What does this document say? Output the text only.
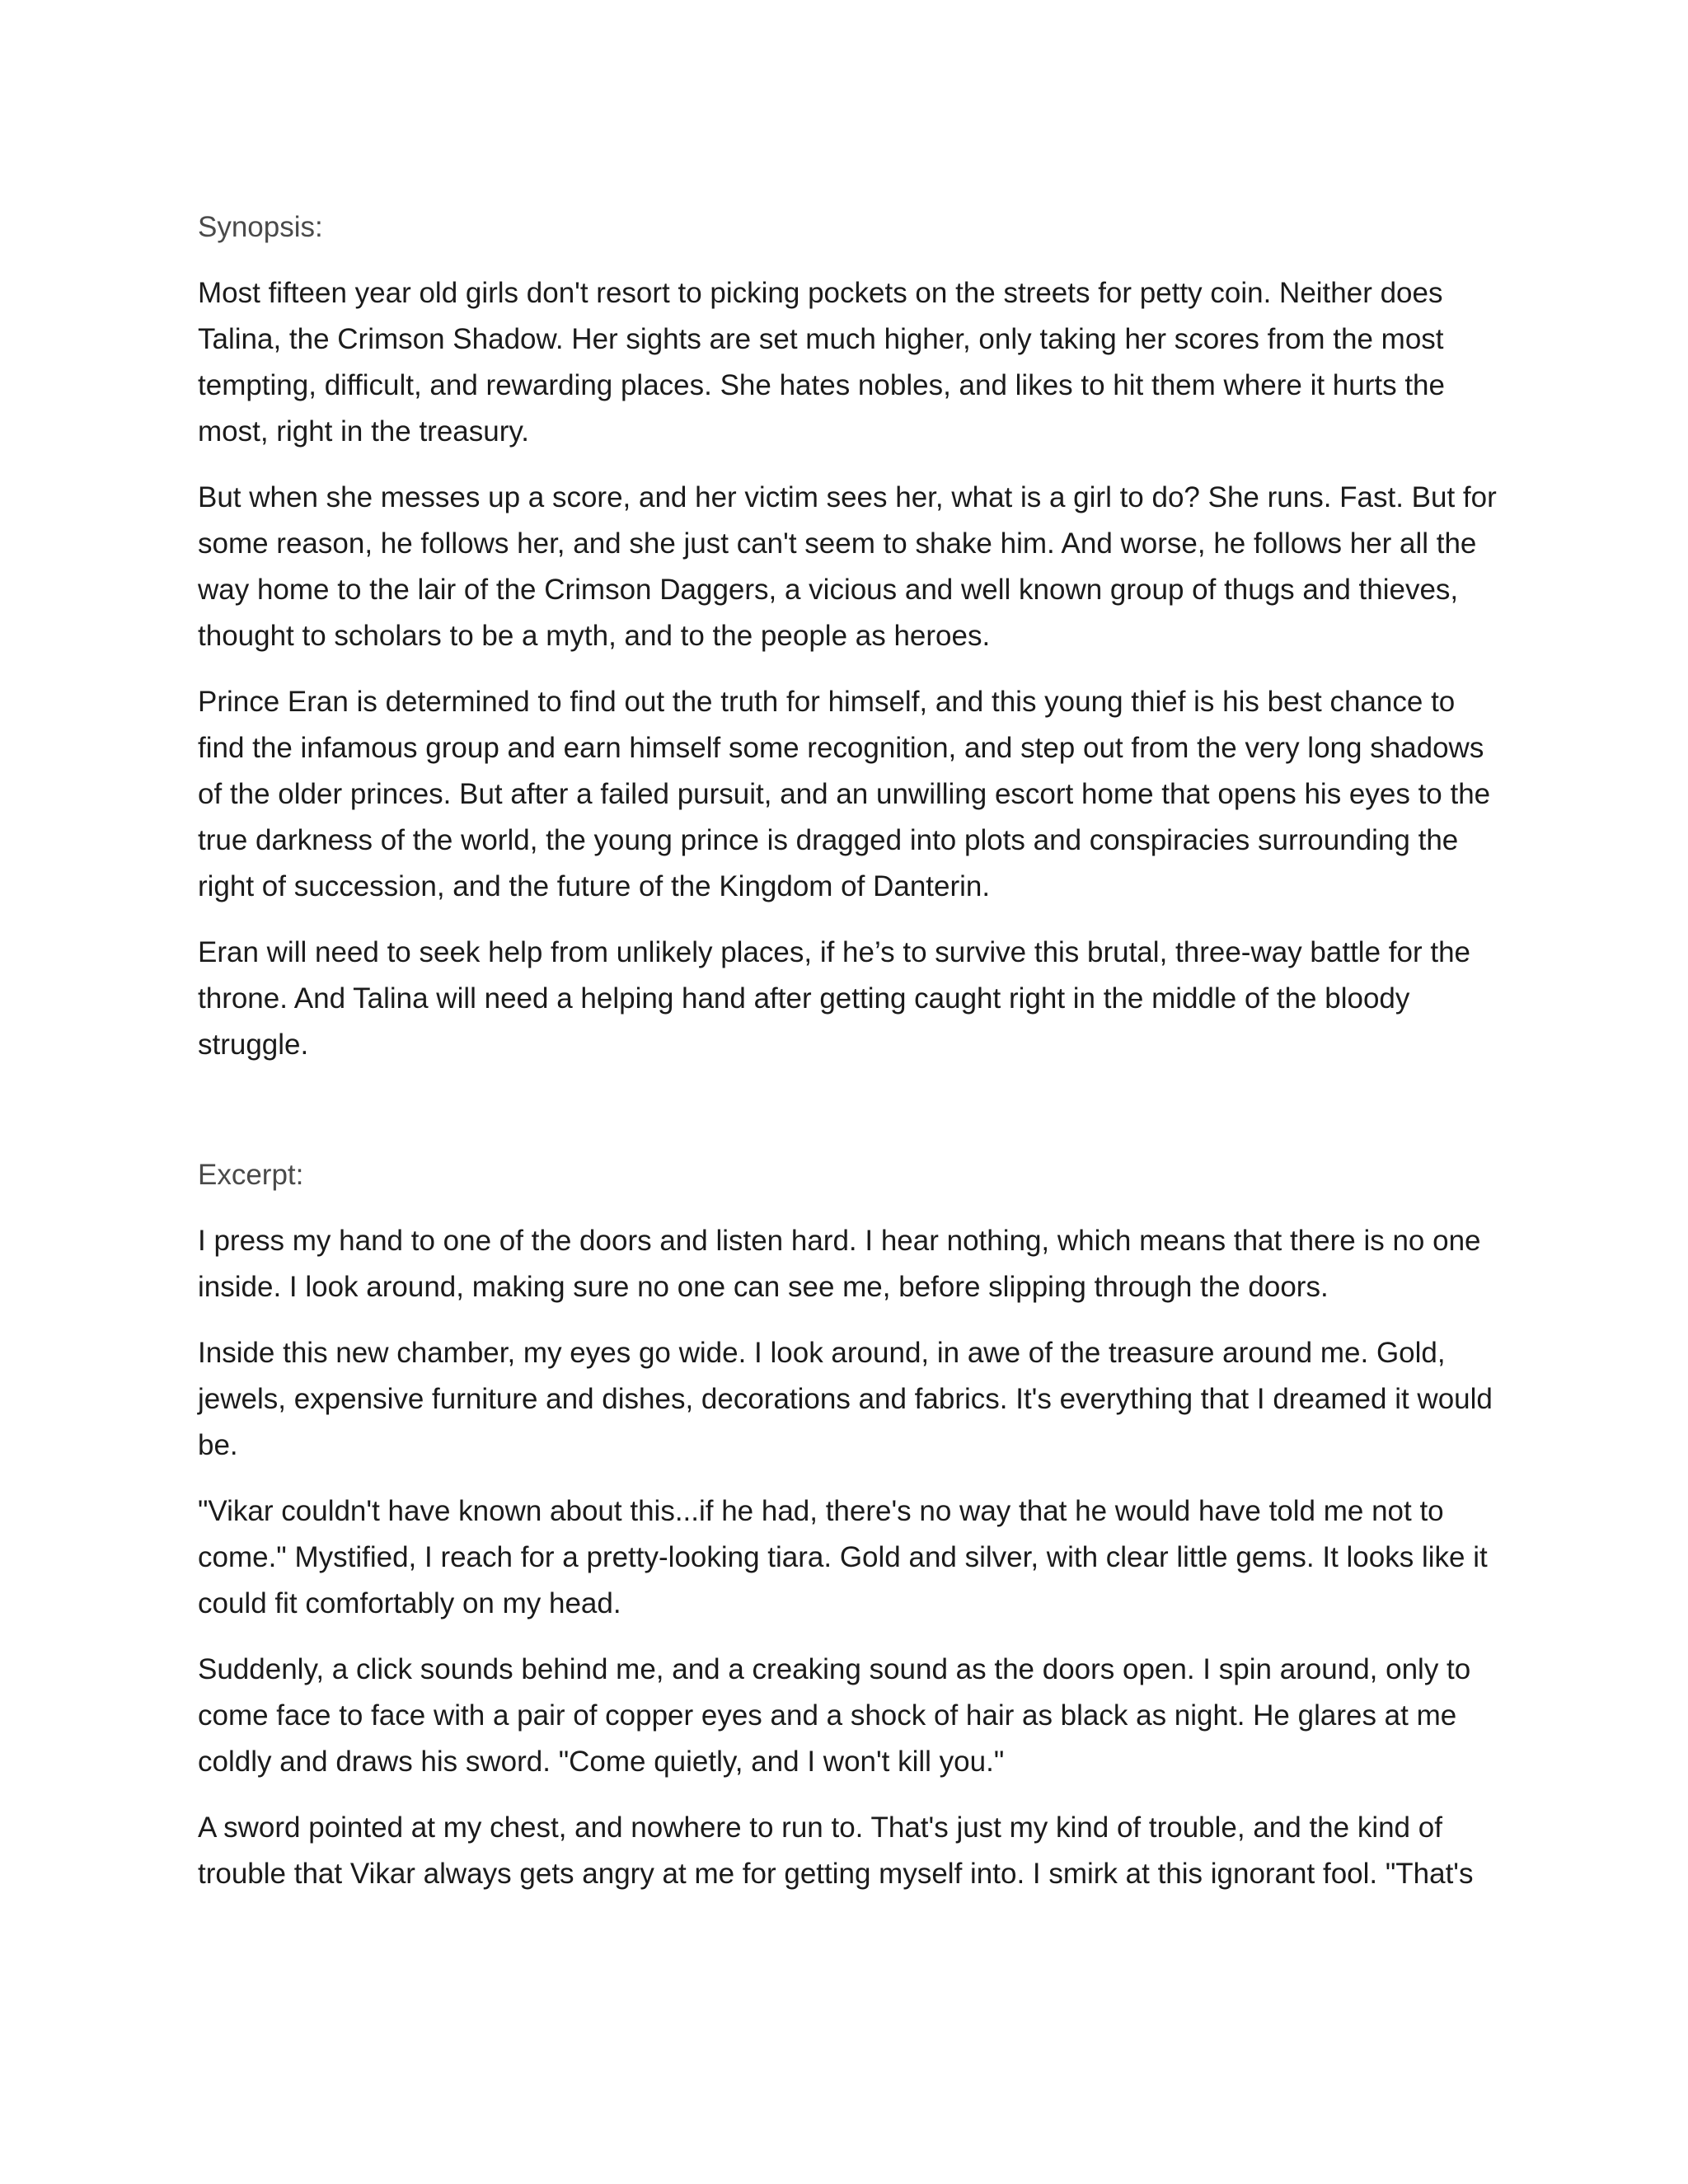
Synopsis:

Most fifteen year old girls don't resort to picking pockets on the streets for petty coin. Neither does Talina, the Crimson Shadow. Her sights are set much higher, only taking her scores from the most tempting, difficult, and rewarding places. She hates nobles, and likes to hit them where it hurts the most, right in the treasury.

But when she messes up a score, and her victim sees her, what is a girl to do? She runs. Fast. But for some reason, he follows her, and she just can't seem to shake him. And worse, he follows her all the way home to the lair of the Crimson Daggers, a vicious and well known group of thugs and thieves, thought to scholars to be a myth, and to the people as heroes.

Prince Eran is determined to find out the truth for himself, and this young thief is his best chance to find the infamous group and earn himself some recognition, and step out from the very long shadows of the older princes. But after a failed pursuit, and an unwilling escort home that opens his eyes to the true darkness of the world, the young prince is dragged into plots and conspiracies surrounding the right of succession, and the future of the Kingdom of Danterin.

Eran will need to seek help from unlikely places, if he’s to survive this brutal, three-way battle for the throne. And Talina will need a helping hand after getting caught right in the middle of the bloody struggle.

Excerpt:

I press my hand to one of the doors and listen hard. I hear nothing, which means that there is no one inside. I look around, making sure no one can see me, before slipping through the doors.

Inside this new chamber, my eyes go wide. I look around, in awe of the treasure around me. Gold, jewels, expensive furniture and dishes, decorations and fabrics. It's everything that I dreamed it would be.

"Vikar couldn't have known about this...if he had, there's no way that he would have told me not to come." Mystified, I reach for a pretty-looking tiara. Gold and silver, with clear little gems. It looks like it could fit comfortably on my head.

Suddenly, a click sounds behind me, and a creaking sound as the doors open. I spin around, only to come face to face with a pair of copper eyes and a shock of hair as black as night. He glares at me coldly and draws his sword. "Come quietly, and I won't kill you."

A sword pointed at my chest, and nowhere to run to. That's just my kind of trouble, and the kind of trouble that Vikar always gets angry at me for getting myself into. I smirk at this ignorant fool. "That's
